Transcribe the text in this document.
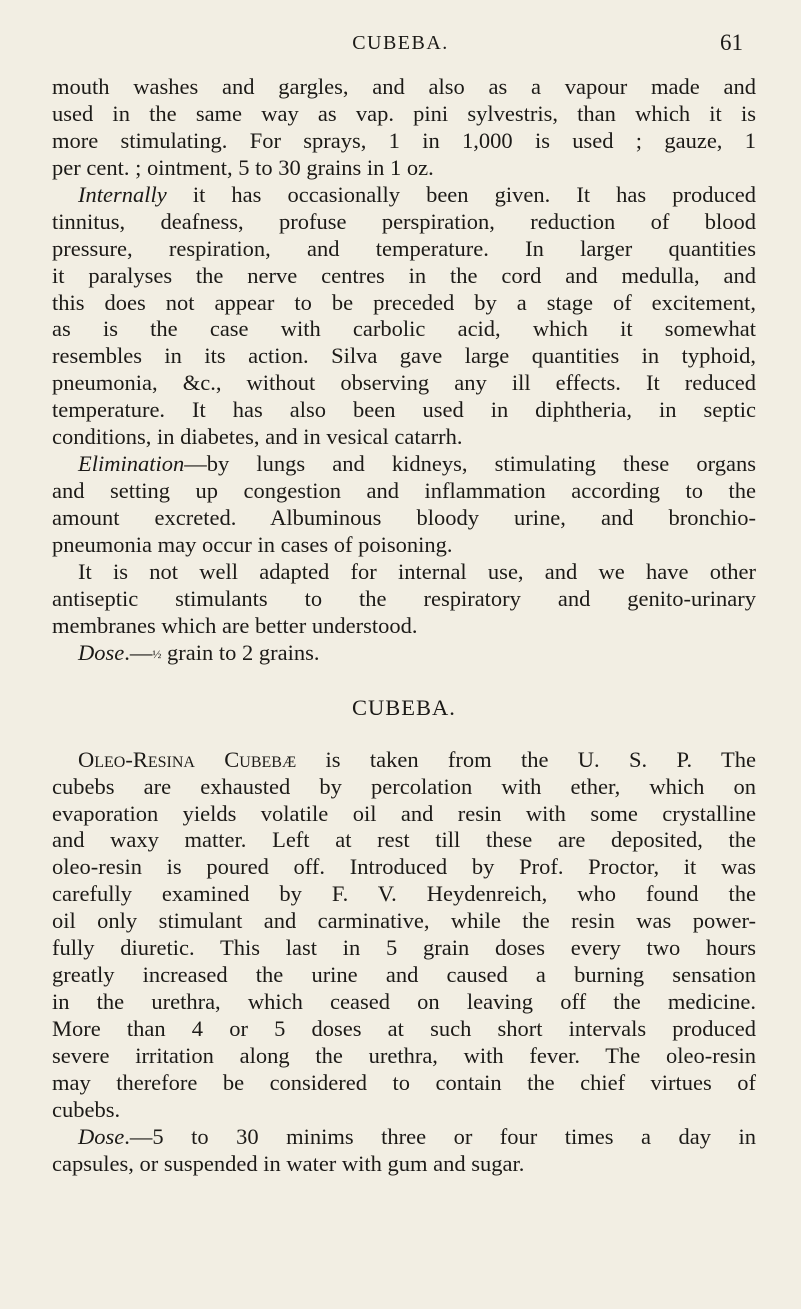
CUBEBA.	61
mouth washes and gargles, and also as a vapour made and
used in the same way as vap. pini sylvestris, than which it is
more stimulating. For sprays, 1 in 1,000 is used ; gauze, 1
per cent. ; ointment, 5 to 30 grains in 1 oz.
Internally it has occasionally been given. It has produced
tinnitus, deafness, profuse perspiration, reduction of blood
pressure, respiration, and temperature. In larger quantities
it paralyses the nerve centres in the cord and medulla, and
this does not appear to be preceded by a stage of excitement,
as is the case with carbolic acid, which it somewhat
resembles in its action. Silva gave large quantities in typhoid,
pneumonia, &c., without observing any ill effects. It reduced
temperature. It has also been used in diphtheria, in septic
conditions, in diabetes, and in vesical catarrh.
Elimination—by lungs and kidneys, stimulating these organs
and setting up congestion and inflammation according to the
amount excreted. Albuminous bloody urine, and bronchio-
pneumonia may occur in cases of poisoning.
It is not well adapted for internal use, and we have other
antiseptic stimulants to the respiratory and genito-urinary
membranes which are better understood.
Dose.—½ grain to 2 grains.
CUBEBA.
Oleo-Resina Cubebæ is taken from the U. S. P. The
cubebs are exhausted by percolation with ether, which on
evaporation yields volatile oil and resin with some crystalline
and waxy matter. Left at rest till these are deposited, the
oleo-resin is poured off. Introduced by Prof. Proctor, it was
carefully examined by F. V. Heydenreich, who found the
oil only stimulant and carminative, while the resin was power-
fully diuretic. This last in 5 grain doses every two hours
greatly increased the urine and caused a burning sensation
in the urethra, which ceased on leaving off the medicine.
More than 4 or 5 doses at such short intervals produced
severe irritation along the urethra, with fever. The oleo-resin
may therefore be considered to contain the chief virtues of
cubebs.
Dose.—5 to 30 minims three or four times a day in
capsules, or suspended in water with gum and sugar.
